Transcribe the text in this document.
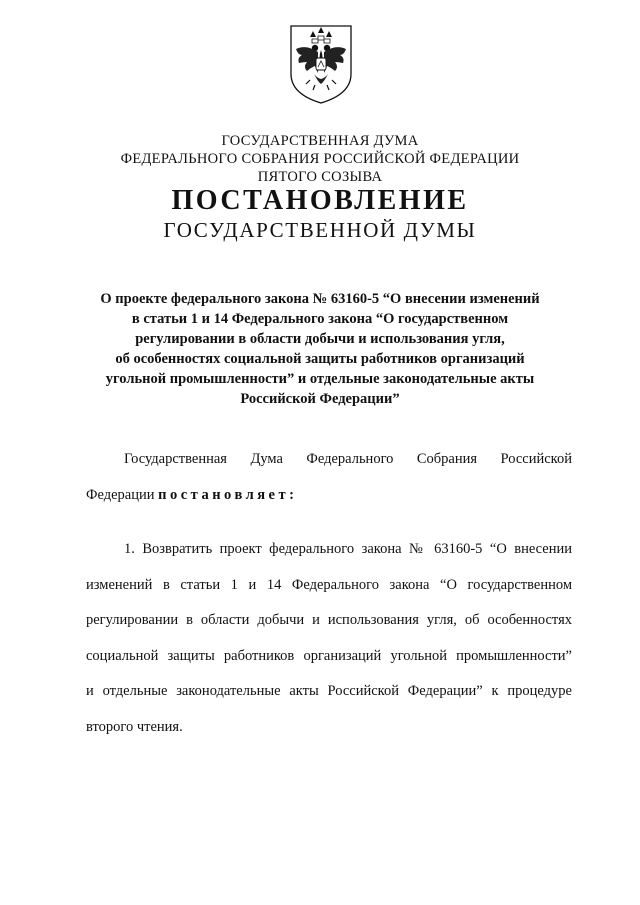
ГОСУДАРСТВЕННАЯ ДУМА
ФЕДЕРАЛЬНОГО СОБРАНИЯ РОССИЙСКОЙ ФЕДЕРАЦИИ
ПЯТОГО СОЗЫВА
ПОСТАНОВЛЕНИЕ
ГОСУДАРСТВЕННОЙ ДУМЫ
О проекте федерального закона № 63160-5 “О внесении изменений
в статьи 1 и 14 Федерального закона “О государственном
регулировании в области добычи и использования угля,
об особенностях социальной защиты работников организаций
угольной промышленности” и отдельные законодательные акты
Российской Федерации”
Государственная Дума Федерального Собрания Российской
Федерации постановляет:
1. Возвратить проект федерального закона № 63160-5 “О внесении
изменений в статьи 1 и 14 Федерального закона “О государственном
регулировании в области добычи и использования угля, об особенностях
социальной защиты работников организаций угольной промышленности”
и отдельные законодательные акты Российской Федерации” к процедуре
второго чтения.
